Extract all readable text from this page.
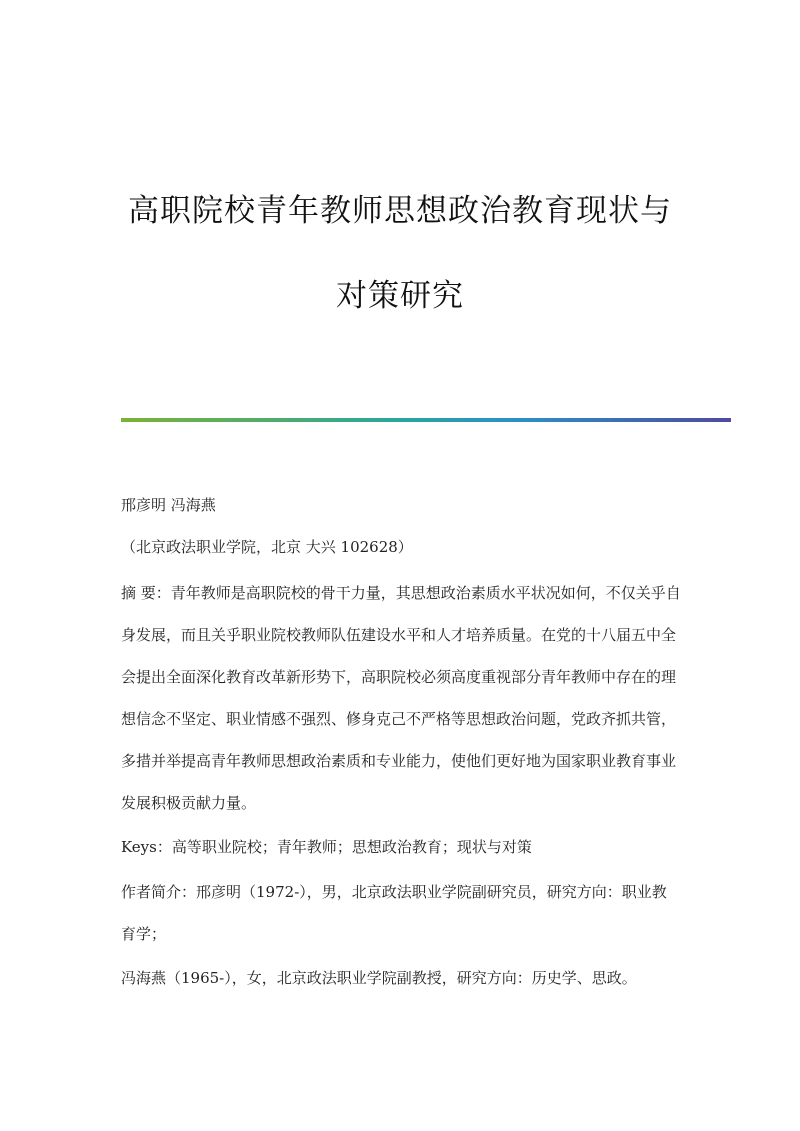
高职院校青年教师思想政治教育现状与
对策研究

邢彦明 冯海燕

（北京政法职业学院，北京 大兴 102628）

摘 要：青年教师是高职院校的骨干力量，其思想政治素质水平状况如何，不仅关乎自身发展，而且关乎职业院校教师队伍建设水平和人才培养质量。在党的十八届五中全会提出全面深化教育改革新形势下，高职院校必须高度重视部分青年教师中存在的理想信念不坚定、职业情感不强烈、修身克己不严格等思想政治问题，党政齐抓共管，多措并举提高青年教师思想政治素质和专业能力，使他们更好地为国家职业教育事业发展积极贡献力量。

Keys：高等职业院校；青年教师；思想政治教育；现状与对策

作者简介：邢彦明（1972-），男，北京政法职业学院副研究员，研究方向：职业教育学；

冯海燕（1965-），女，北京政法职业学院副教授，研究方向：历史学、思政。
